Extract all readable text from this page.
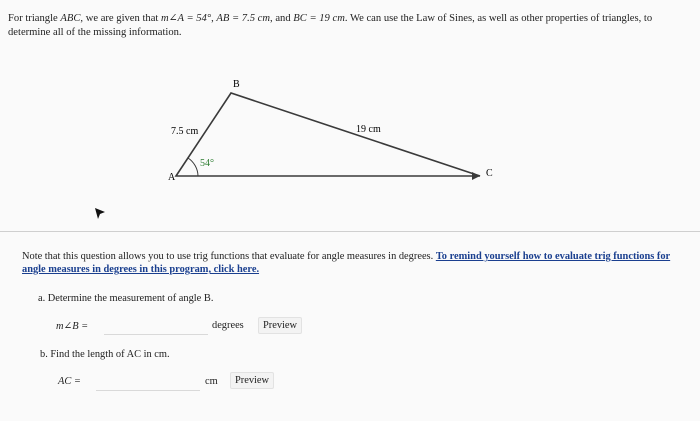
For triangle ABC, we are given that m∠A = 54°, AB = 7.5 cm, and BC = 19 cm. We can use the Law of Sines, as well as other properties of triangles, to determine all of the missing information.
A
B
C
7.5 cm	19 cm
54°
Note that this question allows you to use trig functions that evaluate for angle measures in degrees. To remind yourself how to evaluate trig functions for angle measures in degrees in this program, click here.
a. Determine the measurement of angle B.
m∠B =	degrees	Preview
b. Find the length of AC in cm.
AC =	cm	Preview
